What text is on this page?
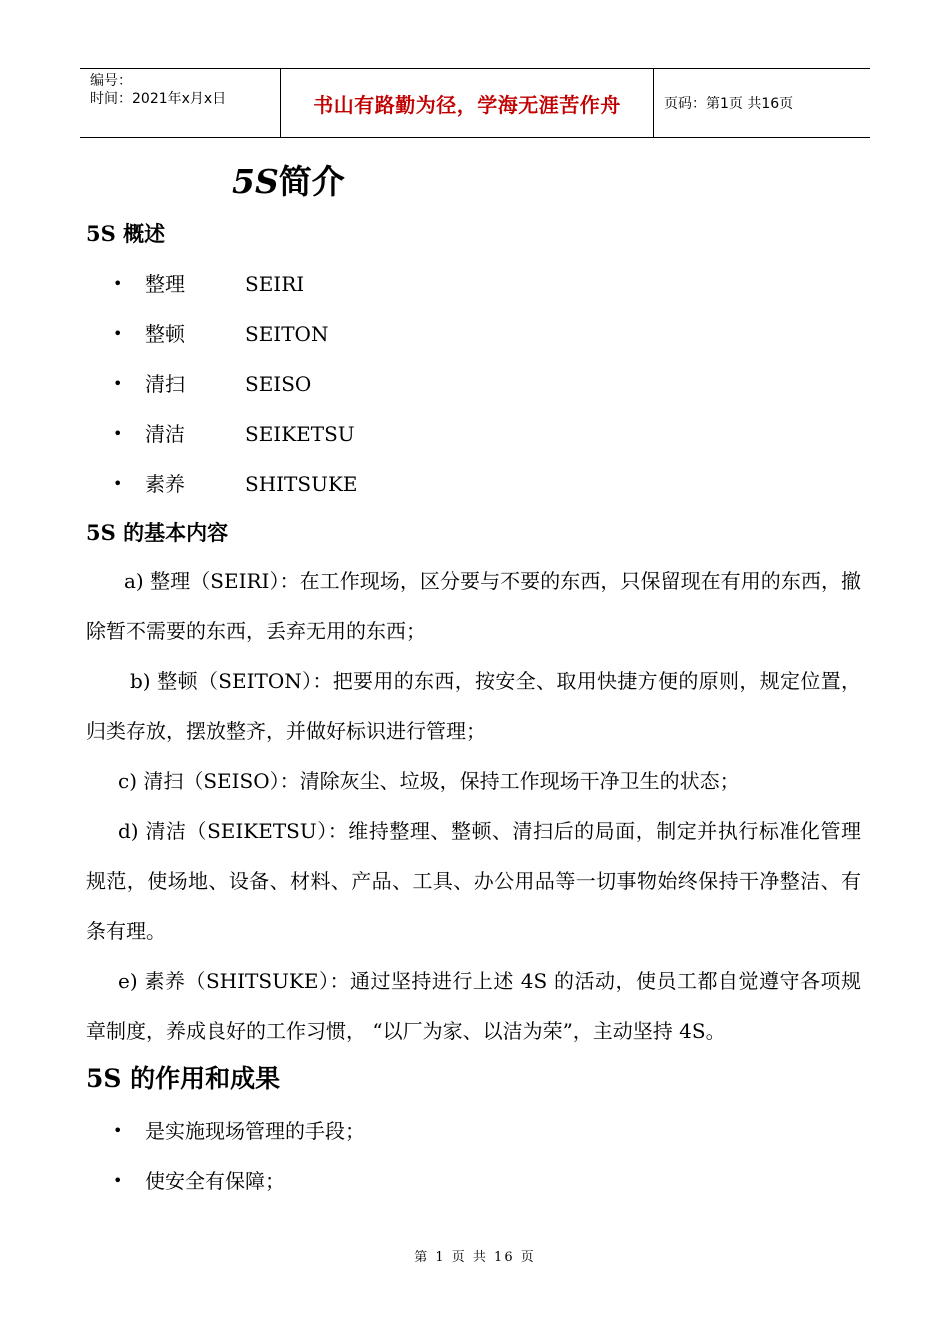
编号：
时间：2021年x月x日	书山有路勤为径，学海无涯苦作舟	页码：第1页 共16页
5S简介
5S 概述
•	整理	SEIRI
•	整顿	SEITON
•	清扫	SEISO
•	清洁	SEIKETSU
•	素养	SHITSUKE
5S 的基本内容
a) 整理（SEIRI）：在工作现场，区分要与不要的东西，只保留现在有用的东西，撤除暂不需要的东西，丢弃无用的东西；
b) 整顿（SEITON）：把要用的东西，按安全、取用快捷方便的原则，规定位置，归类存放，摆放整齐，并做好标识进行管理；
c) 清扫（SEISO）：清除灰尘、垃圾，保持工作现场干净卫生的状态；
d) 清洁（SEIKETSU）：维持整理、整顿、清扫后的局面，制定并执行标准化管理规范，使场地、设备、材料、产品、工具、办公用品等一切事物始终保持干净整洁、有条有理。
e) 素养（SHITSUKE）：通过坚持进行上述 4S 的活动，使员工都自觉遵守各项规章制度，养成良好的工作习惯， “以厂为家、以洁为荣”，主动坚持 4S。
5S 的作用和成果
•	是实施现场管理的手段；
•	使安全有保障；
第 1 页 共 16 页
